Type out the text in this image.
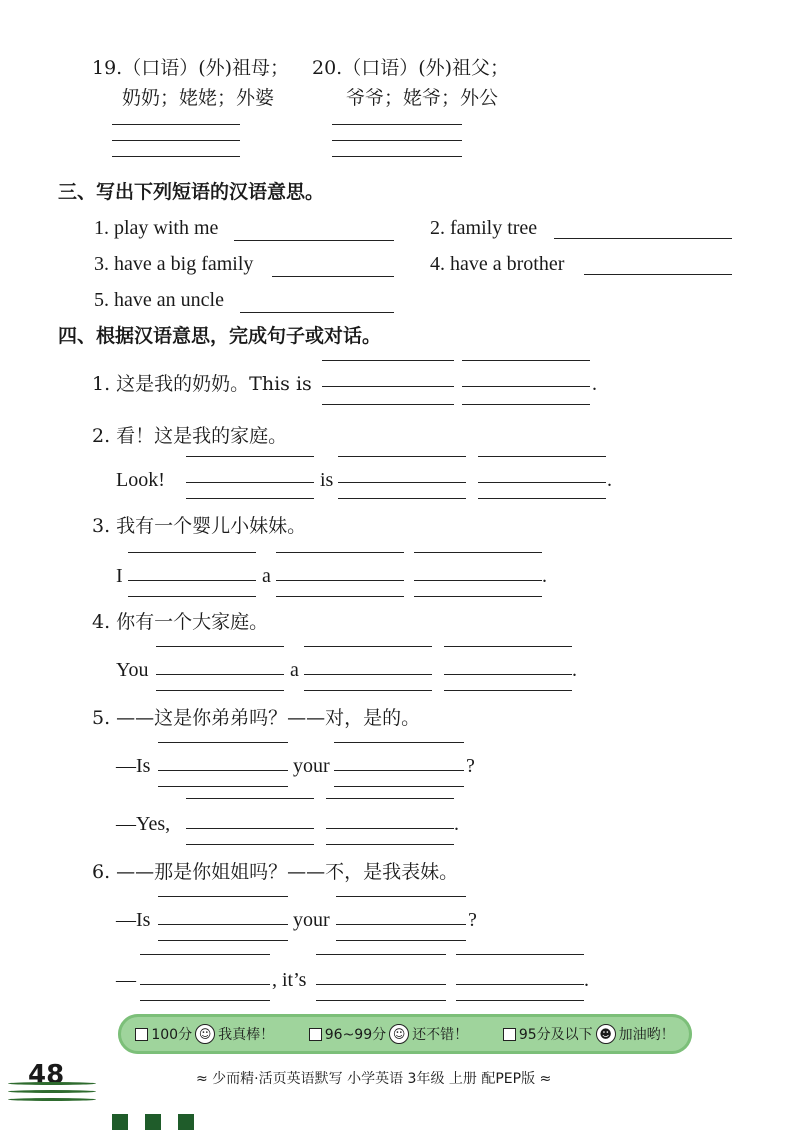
19.（口语）(外)祖母；
奶奶；姥姥；外婆
20.（口语）(外)祖父；
爷爷；姥爷；外公
三、写出下列短语的汉语意思。
1. play with me	2. family tree
3. have a big family	4. have a brother
5. have an uncle
四、根据汉语意思，完成句子或对话。
1. 这是我的奶奶。This is	.
2. 看！这是我的家庭。
Look!	is	.
3. 我有一个婴儿小妹妹。
I	a	.
4. 你有一个大家庭。
You	a	.
5. ——这是你弟弟吗？——对，是的。
—Is	your	?
—Yes,	.
6. ——那是你姐姐吗？——不，是我表妹。
—Is	your	?
—	, it’s	.
100分 ☺ 我真棒！	96~99分 ☺ 还不错！	95分及以下 ☻ 加油哟！
48	≈ 少而精·活页英语默写 小学英语 3年级 上册 配PEP版 ≈
